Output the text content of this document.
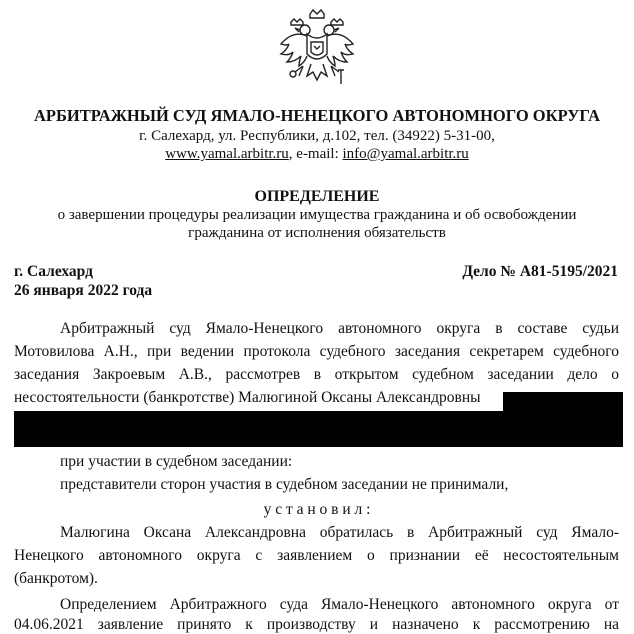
АРБИТРАЖНЫЙ СУД ЯМАЛО-НЕНЕЦКОГО АВТОНОМНОГО ОКРУГА
г. Салехард, ул. Республики, д.102, тел. (34922) 5-31-00,
www.yamal.arbitr.ru, e-mail: info@yamal.arbitr.ru
ОПРЕДЕЛЕНИЕ
о завершении процедуры реализации имущества гражданина и об освобождении
гражданина от исполнения обязательств
г. Салехард
26 января 2022 года
Дело № А81-5195/2021
Арбитражный суд Ямало-Ненецкого автономного округа в составе судьи
Мотовилова А.Н., при ведении протокола судебного заседания секретарем судебного
заседания Закроевым А.В., рассмотрев в открытом судебном заседании дело о
несостоятельности (банкротстве) Малюгиной Оксаны Александровны
при участии в судебном заседании:
представители сторон участия в судебном заседании не принимали,
у с т а н о в и л :
Малюгина Оксана Александровна обратилась в Арбитражный суд Ямало-
Ненецкого автономного округа с заявлением о признании её несостоятельным
(банкротом).
Определением Арбитражного суда Ямало-Ненецкого автономного округа от
04.06.2021 заявление принято к производству и назначено к рассмотрению на
